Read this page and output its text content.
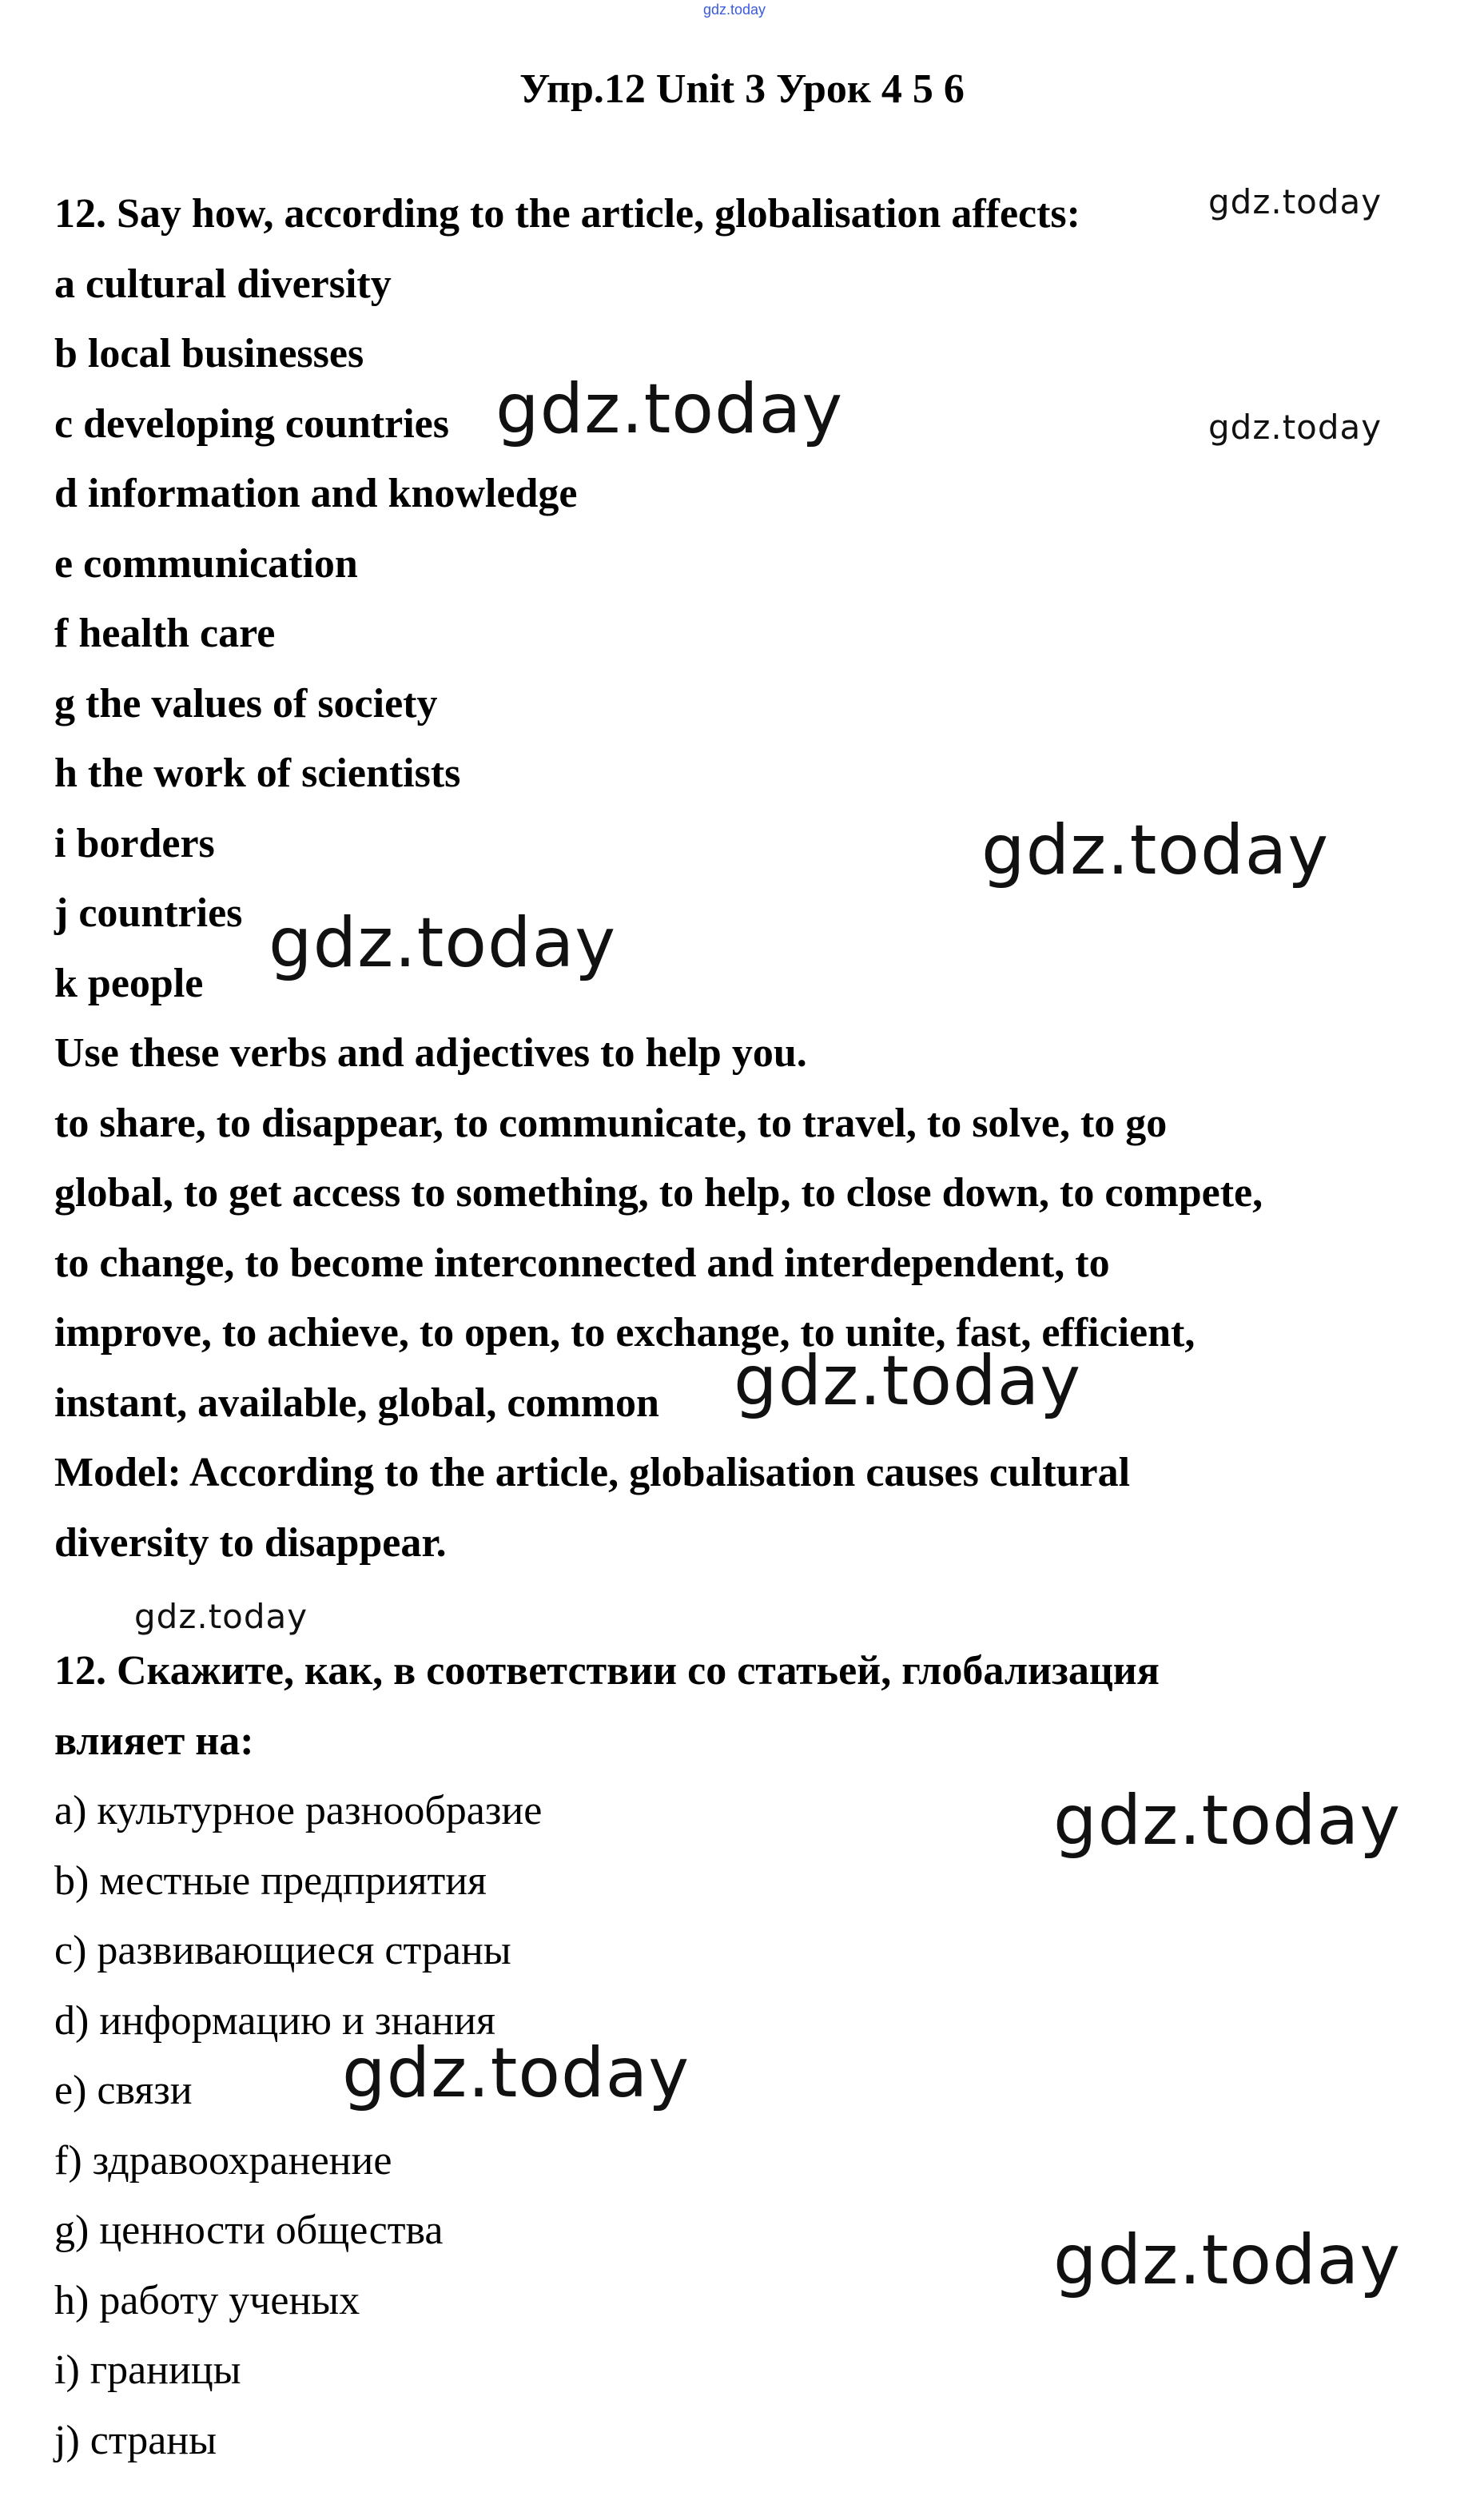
gdz.today
Упр.12 Unit 3 Урок 4 5 6
12. Say how, according to the article, globalisation affects:
a cultural diversity
b local businesses
c developing countries
d information and knowledge
e communication
f health care
g the values of society
h the work of scientists
i borders
j countries
k people
Use these verbs and adjectives to help you.
to share, to disappear, to communicate, to travel, to solve, to go
global, to get access to something, to help, to close down, to compete,
to change, to become interconnected and interdependent, to
improve, to achieve, to open, to exchange, to unite, fast, efficient,
instant, available, global, common
Model: According to the article, globalisation causes cultural
diversity to disappear.
12. Скажите, как, в соответствии со статьей, глобализация
влияет на:
a) культурное разнообразие
b) местные предприятия
c) развивающиеся страны
d) информацию и знания
e) связи
f) здравоохранение
g) ценности общества
h) работу ученых
i) границы
j) страны
gdz.today
gdz.today	gdz.today
gdz.today
gdz.today
gdz.today
gdz.today
gdz.today
gdz.today
gdz.today
